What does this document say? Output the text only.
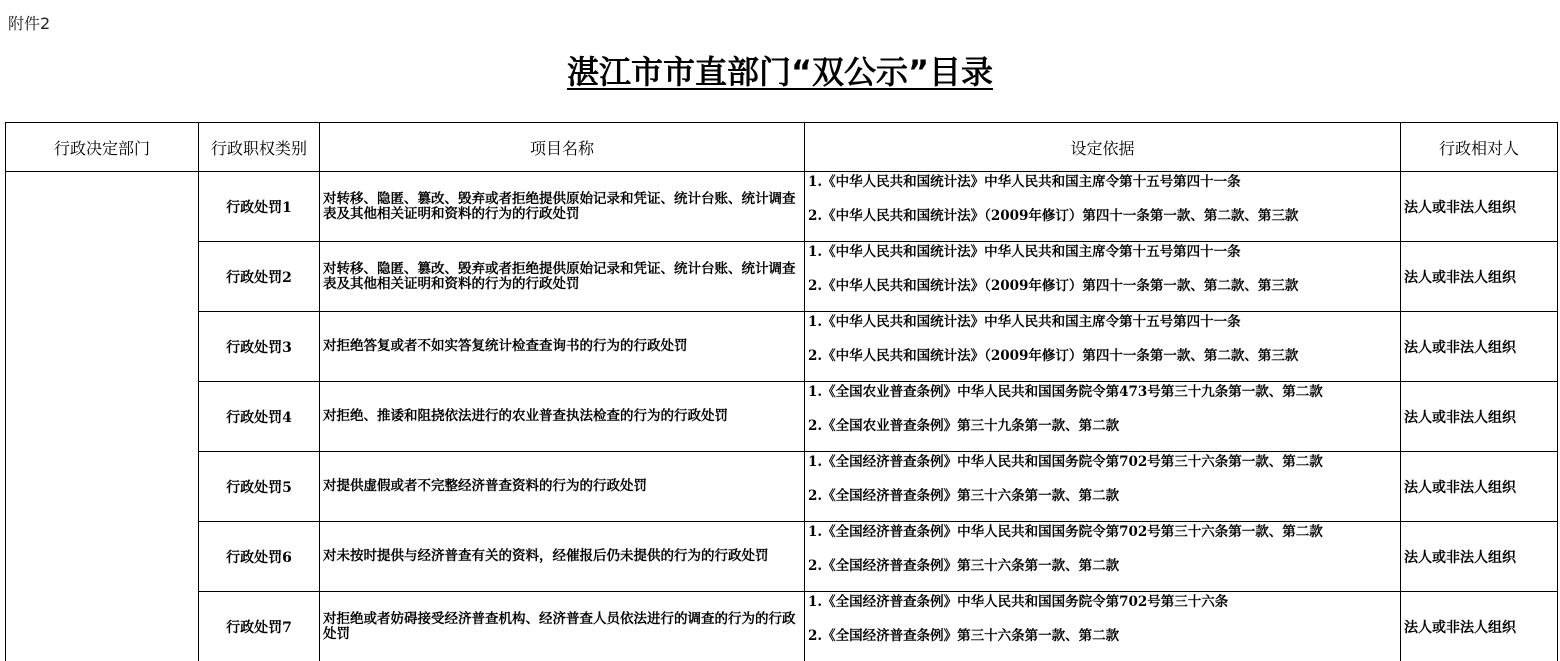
附件2
湛江市市直部门“双公示”目录
行政决定部门	行政职权类别	项目名称	设定依据	行政相对人
	行政处罚1	对转移、隐匿、篡改、毁弃或者拒绝提供原始记录和凭证、统计台账、统计调查表及其他相关证明和资料的行为的行政处罚	1.《中华人民共和国统计法》中华人民共和国主席令第十五号第四十一条
2.《中华人民共和国统计法》（2009年修订）第四十一条第一款、第二款、第三款	法人或非法人组织
	行政处罚2	对转移、隐匿、篡改、毁弃或者拒绝提供原始记录和凭证、统计台账、统计调查表及其他相关证明和资料的行为的行政处罚	1.《中华人民共和国统计法》中华人民共和国主席令第十五号第四十一条
2.《中华人民共和国统计法》（2009年修订）第四十一条第一款、第二款、第三款	法人或非法人组织
	行政处罚3	对拒绝答复或者不如实答复统计检查查询书的行为的行政处罚	1.《中华人民共和国统计法》中华人民共和国主席令第十五号第四十一条
2.《中华人民共和国统计法》（2009年修订）第四十一条第一款、第二款、第三款	法人或非法人组织
	行政处罚4	对拒绝、推诿和阻挠依法进行的农业普查执法检查的行为的行政处罚	1.《全国农业普查条例》中华人民共和国国务院令第473号第三十九条第一款、第二款
2.《全国农业普查条例》第三十九条第一款、第二款	法人或非法人组织
	行政处罚5	对提供虚假或者不完整经济普查资料的行为的行政处罚	1.《全国经济普查条例》中华人民共和国国务院令第702号第三十六条第一款、第二款
2.《全国经济普查条例》第三十六条第一款、第二款	法人或非法人组织
	行政处罚6	对未按时提供与经济普查有关的资料，经催报后仍未提供的行为的行政处罚	1.《全国经济普查条例》中华人民共和国国务院令第702号第三十六条第一款、第二款
2.《全国经济普查条例》第三十六条第一款、第二款	法人或非法人组织
	行政处罚7	对拒绝或者妨碍接受经济普查机构、经济普查人员依法进行的调查的行为的行政处罚	1.《全国经济普查条例》中华人民共和国国务院令第702号第三十六条
2.《全国经济普查条例》第三十六条第一款、第二款	法人或非法人组织
